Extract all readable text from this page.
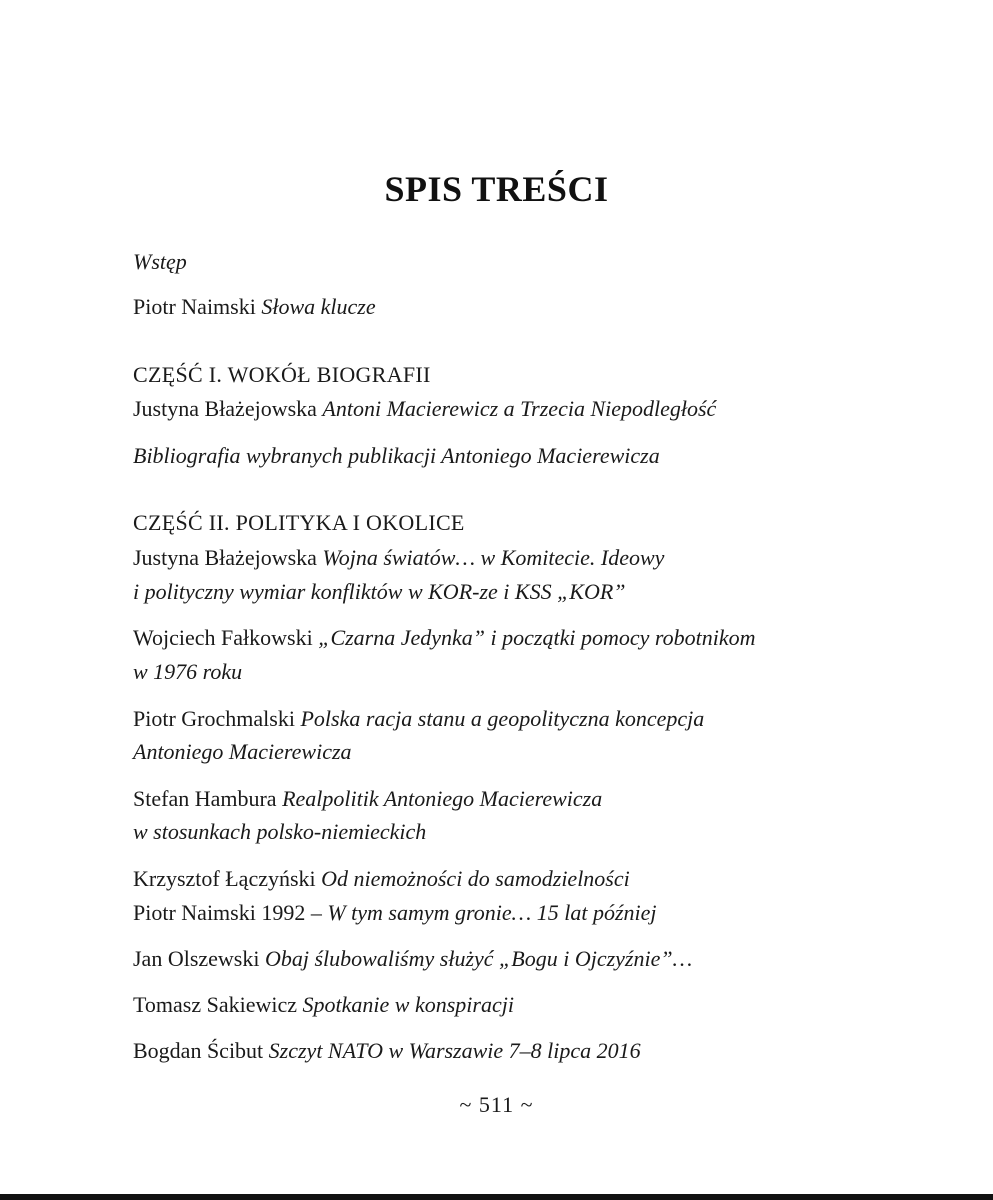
SPIS TREŚCI
Wstęp
Piotr Naimski Słowa klucze
CZĘŚĆ I. WOKÓŁ BIOGRAFII
Justyna Błażejowska Antoni Macierewicz a Trzecia Niepodległość
Bibliografia wybranych publikacji Antoniego Macierewicza
CZĘŚĆ II. POLITYKA I OKOLICE
Justyna Błażejowska Wojna światów… w Komitecie. Ideowy
i polityczny wymiar konfliktów w KOR-ze i KSS „KOR”
Wojciech Fałkowski „Czarna Jedynka” i początki pomocy robotnikom
w 1976 roku
Piotr Grochmalski Polska racja stanu a geopolityczna koncepcja
Antoniego Macierewicza
Stefan Hambura Realpolitik Antoniego Macierewicza
w stosunkach polsko-niemieckich
Krzysztof Łączyński Od niemożności do samodzielności
Piotr Naimski 1992 – W tym samym gronie… 15 lat później
Jan Olszewski Obaj ślubowaliśmy służyć „Bogu i Ojczyźnie”…
Tomasz Sakiewicz Spotkanie w konspiracji
Bogdan Ścibut Szczyt NATO w Warszawie 7–8 lipca 2016
~ 511 ~
